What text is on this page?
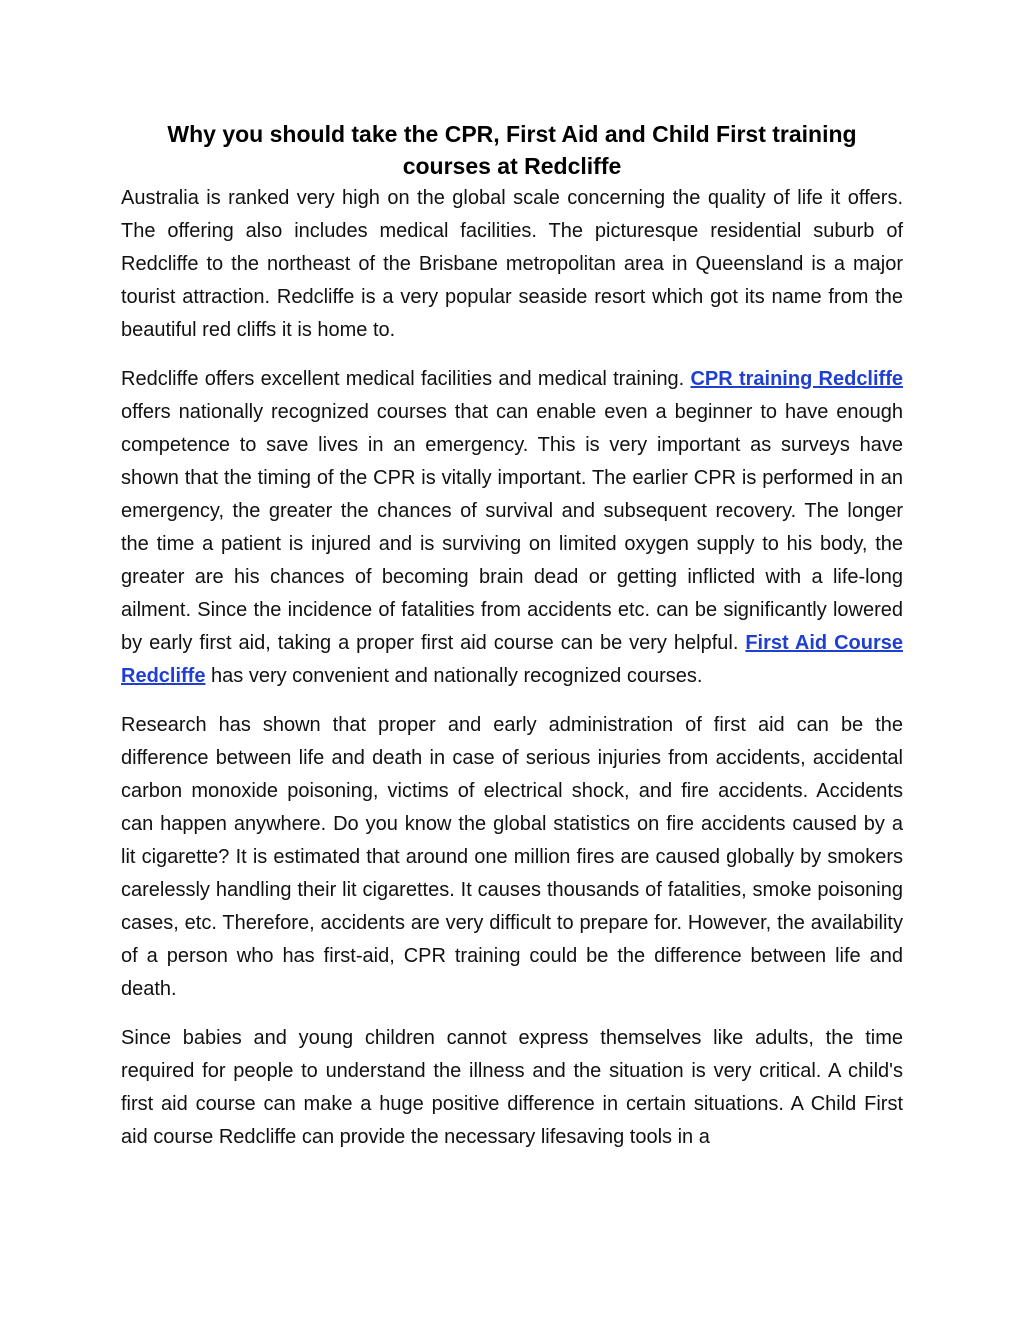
Why you should take the CPR, First Aid and Child First training courses at Redcliffe

Australia is ranked very high on the global scale concerning the quality of life it offers. The offering also includes medical facilities. The picturesque residential suburb of Redcliffe to the northeast of the Brisbane metropolitan area in Queensland is a major tourist attraction. Redcliffe is a very popular seaside resort which got its name from the beautiful red cliffs it is home to.

Redcliffe offers excellent medical facilities and medical training. CPR training Redcliffe offers nationally recognized courses that can enable even a beginner to have enough competence to save lives in an emergency. This is very important as surveys have shown that the timing of the CPR is vitally important. The earlier CPR is performed in an emergency, the greater the chances of survival and subsequent recovery. The longer the time a patient is injured and is surviving on limited oxygen supply to his body, the greater are his chances of becoming brain dead or getting inflicted with a life-long ailment. Since the incidence of fatalities from accidents etc. can be significantly lowered by early first aid, taking a proper first aid course can be very helpful. First Aid Course Redcliffe has very convenient and nationally recognized courses.

Research has shown that proper and early administration of first aid can be the difference between life and death in case of serious injuries from accidents, accidental carbon monoxide poisoning, victims of electrical shock, and fire accidents. Accidents can happen anywhere. Do you know the global statistics on fire accidents caused by a lit cigarette? It is estimated that around one million fires are caused globally by smokers carelessly handling their lit cigarettes. It causes thousands of fatalities, smoke poisoning cases, etc. Therefore, accidents are very difficult to prepare for. However, the availability of a person who has first-aid, CPR training could be the difference between life and death.

Since babies and young children cannot express themselves like adults, the time required for people to understand the illness and the situation is very critical. A child's first aid course can make a huge positive difference in certain situations. A Child First aid course Redcliffe can provide the necessary lifesaving tools in a
